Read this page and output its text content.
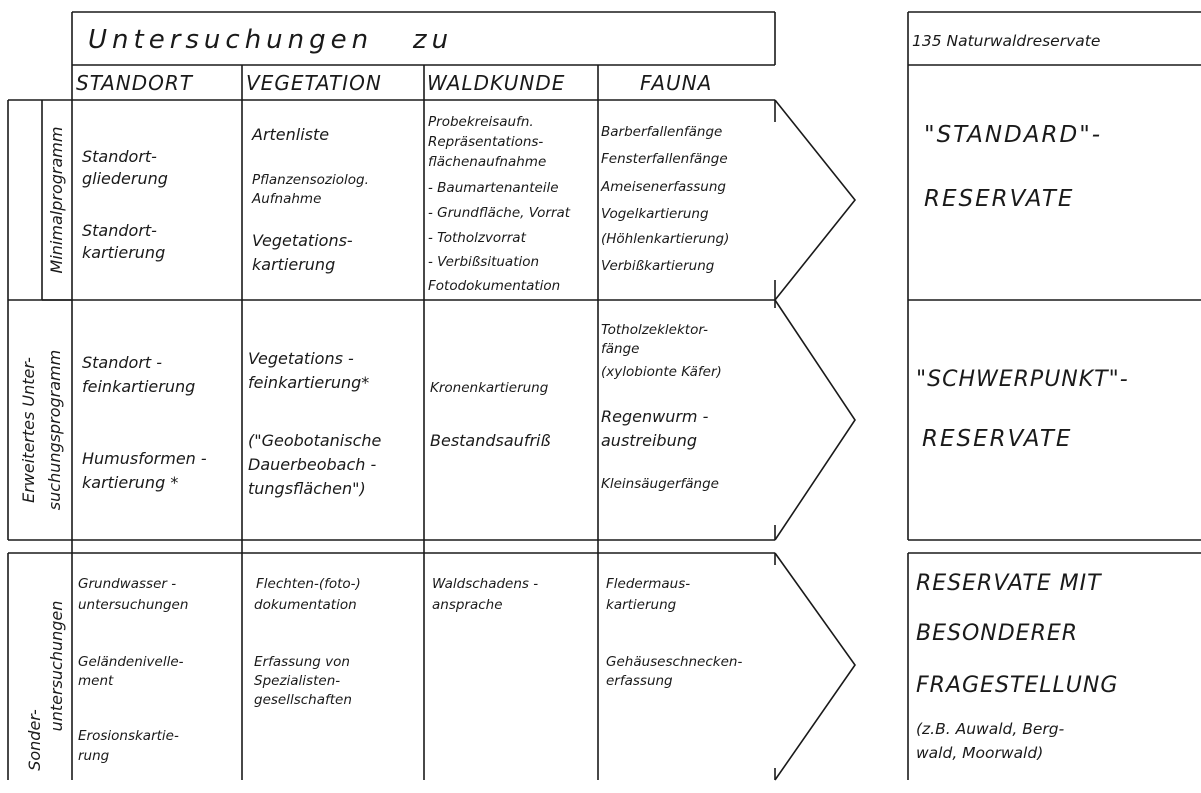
Untersuchungen   zu
STANDORT	VEGETATION WALDKUNDE	FAUNA
Minimalprogramm
Erweitertes Unter- suchungsprogramm
Sonder-
untersuchungen
Standort-
gliederung
Standort-
kartierung
Artenliste
Pflanzensoziolog.
Aufnahme
Vegetations-
kartierung
Probekreisaufn.
Repräsentations-
flächenaufnahme
- Baumartenanteile
- Grundfläche, Vorrat
- Totholzvorrat
- Verbißsituation
Fotodokumentation
Barberfallenfänge
Fensterfallenfänge
Ameisenerfassung
Vogelkartierung
(Höhlenkartierung)
Verbißkartierung
Standort -
feinkartierung
Humusformen -
kartierung *
Vegetations -
feinkartierung*
("Geobotanische
Dauerbeobach -
tungsflächen")
Kronenkartierung
Bestandsaufriß
Totholzeklektor-
fänge
(xylobionte Käfer)
Regenwurm -
austreibung
Kleinsäugerfänge
Grundwasser -
untersuchungen
Geländenivelle-
ment
Erosionskartie-
rung
Flechten-(foto-)
dokumentation
Erfassung von
Spezialisten-
gesellschaften
Waldschadens -
ansprache
Fledermaus-
kartierung
Gehäuseschnecken-
erfassung
135 Naturwaldreservate
"STANDARD"-
RESERVATE
"SCHWERPUNKT"-
RESERVATE
RESERVATE MIT
BESONDERER
FRAGESTELLUNG
(z.B. Auwald, Berg-
wald, Moorwald)
